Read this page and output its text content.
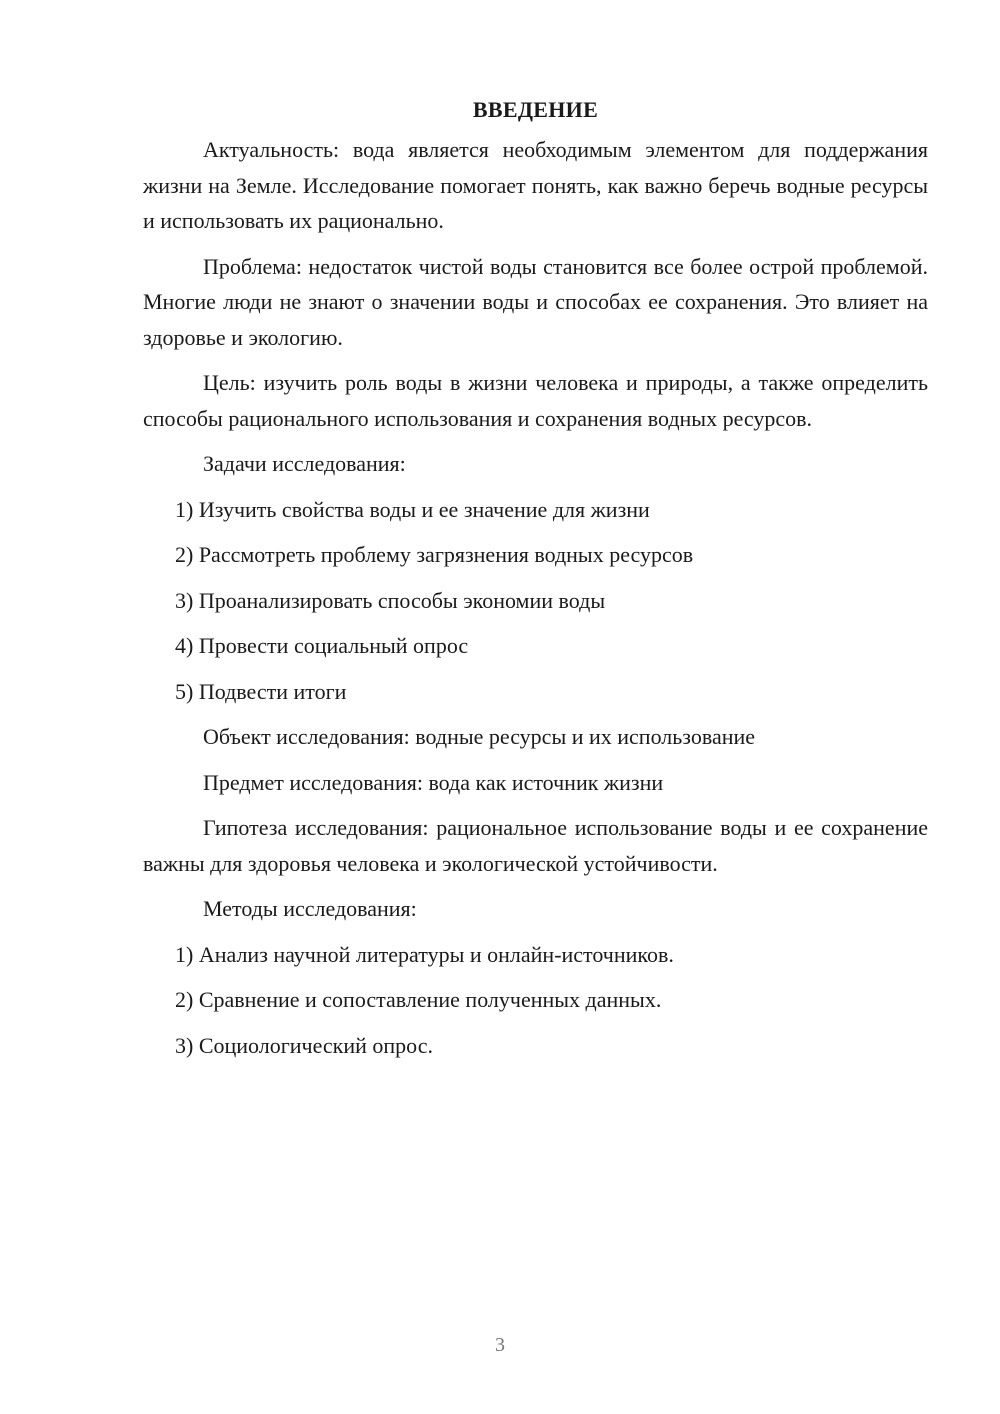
ВВЕДЕНИЕ

Актуальность: вода является необходимым элементом для поддержания жизни на Земле. Исследование помогает понять, как важно беречь водные ресурсы и использовать их рационально.

Проблема: недостаток чистой воды становится все более острой проблемой. Многие люди не знают о значении воды и способах ее сохранения. Это влияет на здоровье и экологию.

Цель: изучить роль воды в жизни человека и природы, а также определить способы рационального использования и сохранения водных ресурсов.

Задачи исследования:
1) Изучить свойства воды и ее значение для жизни
2) Рассмотреть проблему загрязнения водных ресурсов
3) Проанализировать способы экономии воды
4) Провести социальный опрос
5) Подвести итоги
Объект исследования: водные ресурсы и их использование
Предмет исследования: вода как источник жизни

Гипотеза исследования: рациональное использование воды и ее сохранение важны для здоровья человека и экологической устойчивости.

Методы исследования:
1) Анализ научной литературы и онлайн-источников.
2) Сравнение и сопоставление полученных данных.
3) Социологический опрос.
3
